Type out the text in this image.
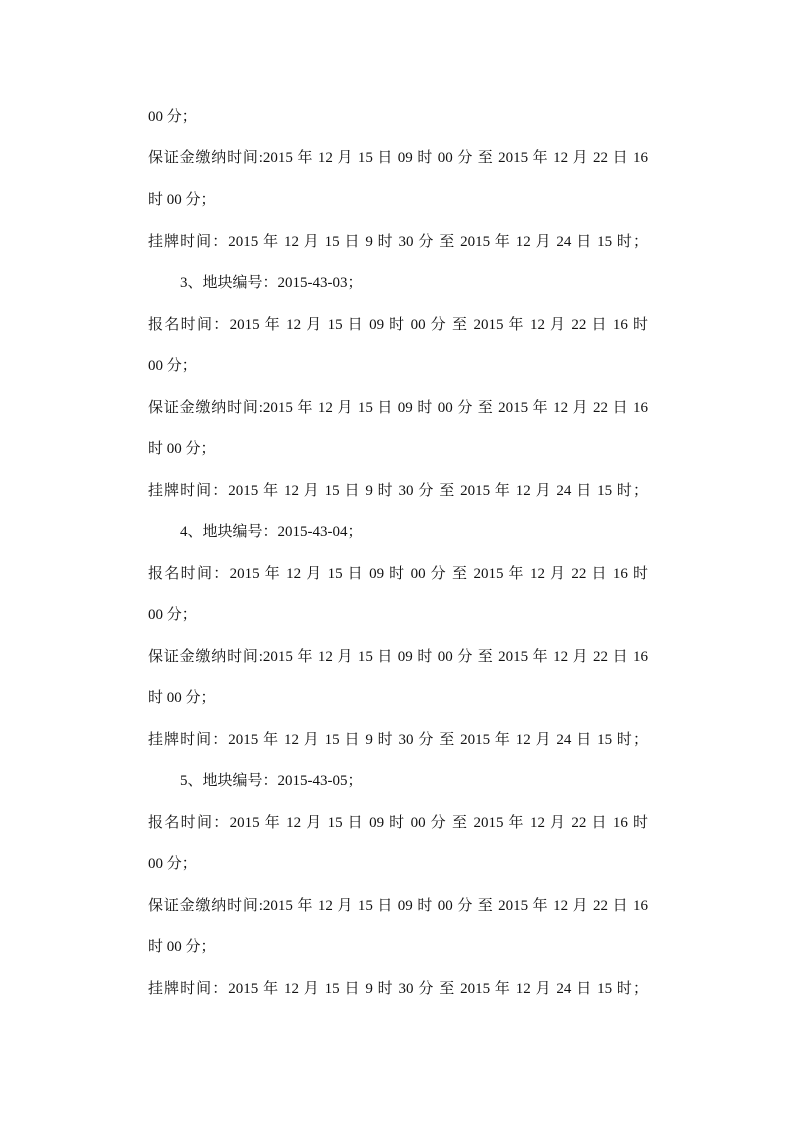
00 分；
保证金缴纳时间:2015 年 12 月 15 日 09 时 00 分 至 2015 年 12 月 22 日 16
时 00 分；
挂牌时间：2015 年 12 月 15 日 9 时 30 分 至 2015 年 12 月 24 日 15 时；
3、地块编号：2015-43-03；
报名时间：2015 年 12 月 15 日 09 时 00 分 至 2015 年 12 月 22 日 16 时
00 分；
保证金缴纳时间:2015 年 12 月 15 日 09 时 00 分 至 2015 年 12 月 22 日 16
时 00 分；
挂牌时间：2015 年 12 月 15 日 9 时 30 分 至 2015 年 12 月 24 日 15 时；
4、地块编号：2015-43-04；
报名时间：2015 年 12 月 15 日 09 时 00 分 至 2015 年 12 月 22 日 16 时
00 分；
保证金缴纳时间:2015 年 12 月 15 日 09 时 00 分 至 2015 年 12 月 22 日 16
时 00 分；
挂牌时间：2015 年 12 月 15 日 9 时 30 分 至 2015 年 12 月 24 日 15 时；
5、地块编号：2015-43-05；
报名时间：2015 年 12 月 15 日 09 时 00 分 至 2015 年 12 月 22 日 16 时
00 分；
保证金缴纳时间:2015 年 12 月 15 日 09 时 00 分 至 2015 年 12 月 22 日 16
时 00 分；
挂牌时间：2015 年 12 月 15 日 9 时 30 分 至 2015 年 12 月 24 日 15 时；
